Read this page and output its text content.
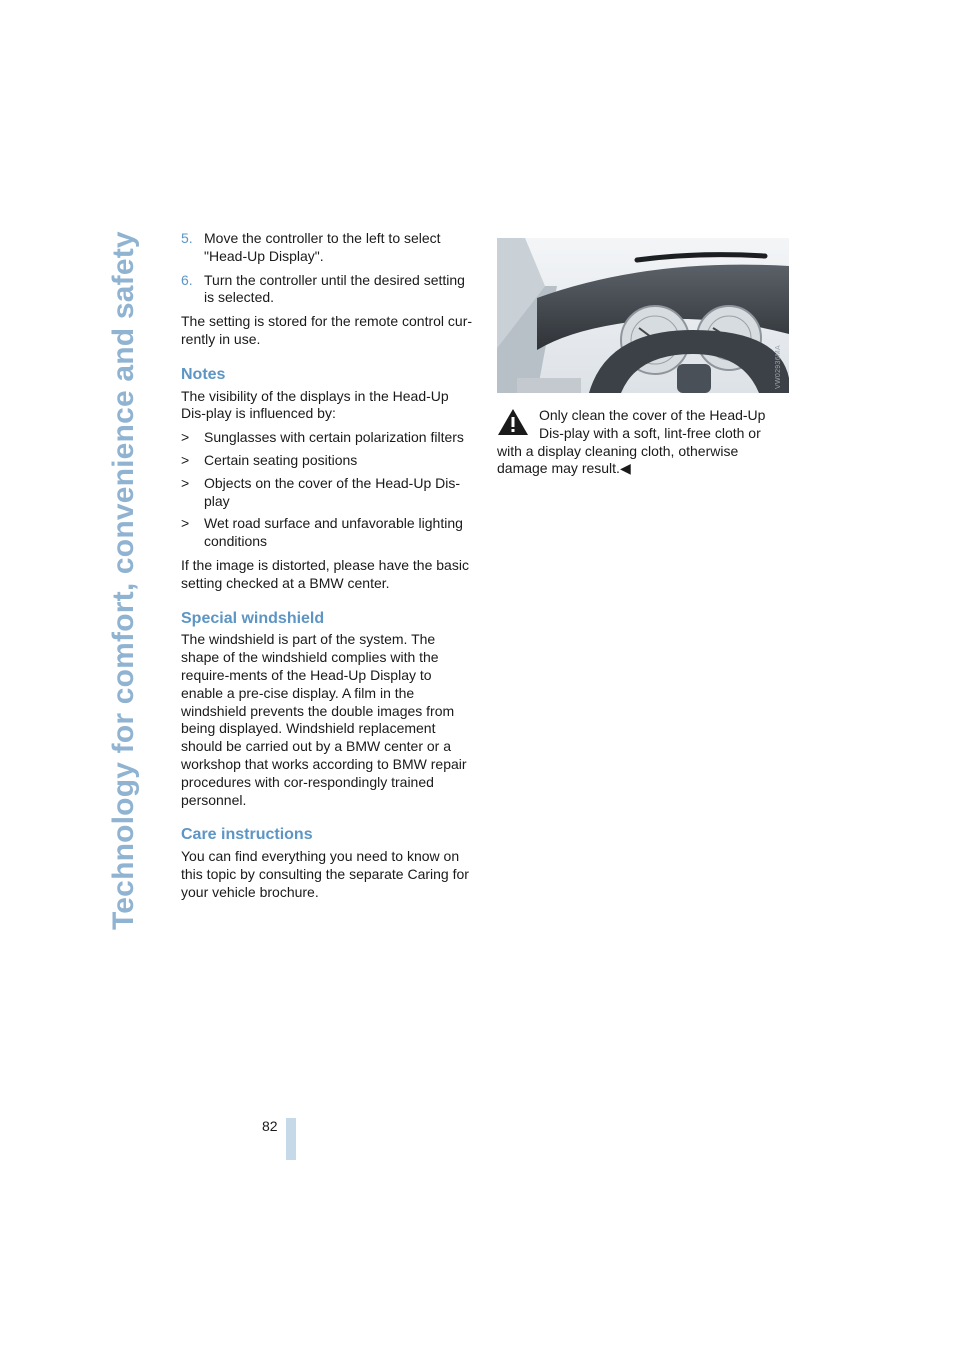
Technology for comfort, convenience and safety	5. Move the controller to the left to select "Head-Up Display".
6. Turn the controller until the desired setting is selected.

The setting is stored for the remote control cur-rently in use.

Notes

The visibility of the displays in the Head-Up Dis-play is influenced by:

>	Sunglasses with certain polarization filters
>	Certain seating positions
>	Objects on the cover of the Head-Up Dis-play
>	Wet road surface and unfavorable lighting conditions

If the image is distorted, please have the basic setting checked at a BMW center.

Special windshield

The windshield is part of the system. The shape of the windshield complies with the require-ments of the Head-Up Display to enable a pre-cise display. A film in the windshield prevents the double images from being displayed. Windshield replacement should be carried out by a BMW center or a workshop that works according to BMW repair procedures with cor-respondingly trained personnel.

Care instructions

You can find everything you need to know on this topic by consulting the separate Caring for your vehicle brochure.

VW02936MA

Only clean the cover of the Head-Up Dis-play with a soft, lint-free cloth or with a display cleaning cloth, otherwise damage may result.◀

82
